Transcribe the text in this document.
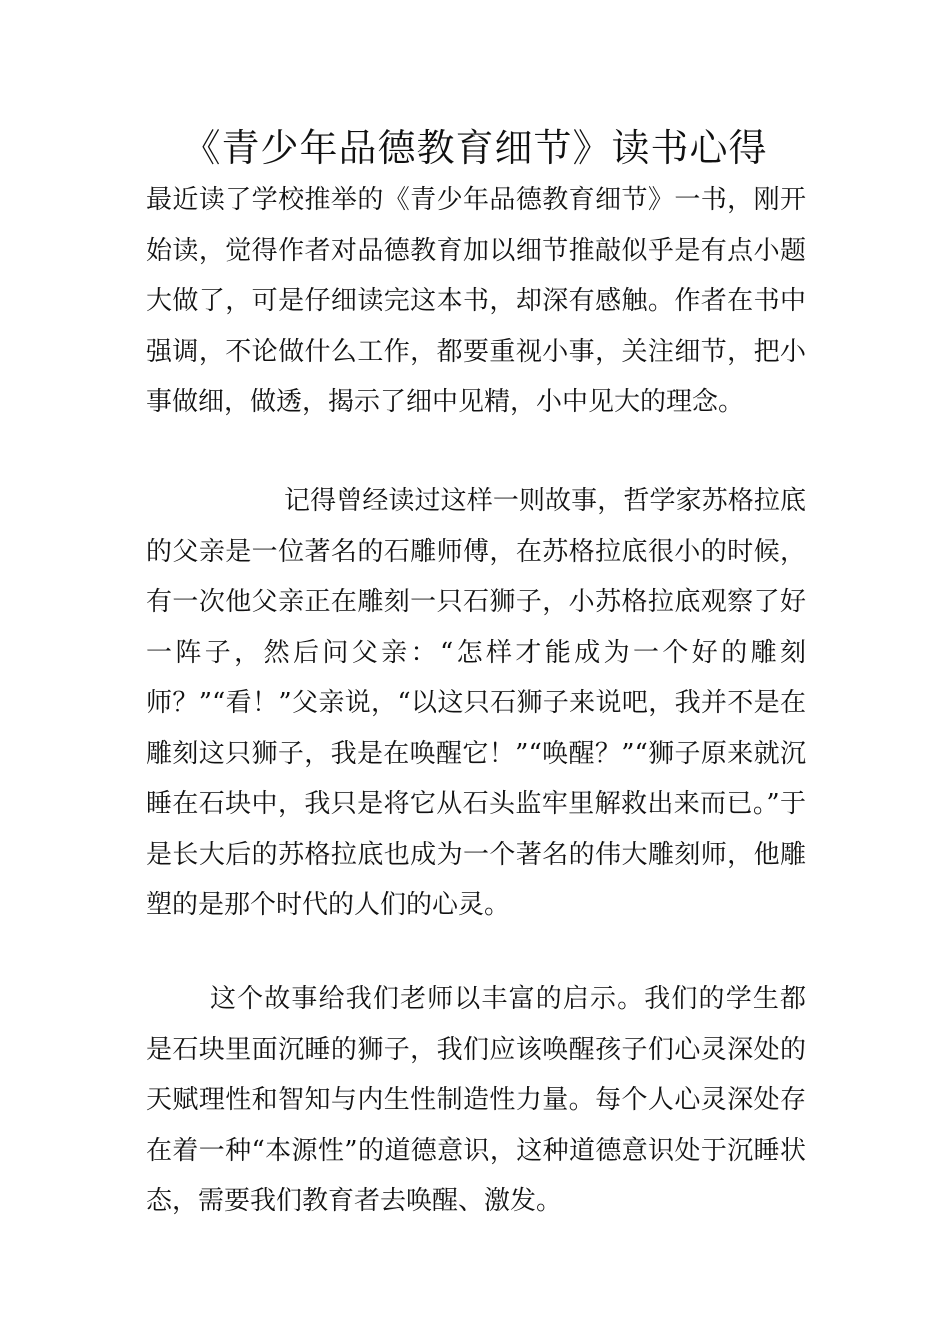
《青少年品德教育细节》读书心得

最近读了学校推举的《青少年品德教育细节》一书，刚开始读，觉得作者对品德教育加以细节推敲似乎是有点小题大做了，可是仔细读完这本书，却深有感触。作者在书中强调，不论做什么工作，都要重视小事，关注细节，把小事做细，做透，揭示了细中见精，小中见大的理念。

记得曾经读过这样一则故事，哲学家苏格拉底的父亲是一位著名的石雕师傅，在苏格拉底很小的时候，有一次他父亲正在雕刻一只石狮子，小苏格拉底观察了好一阵子，然后问父亲：“怎样才能成为一个好的雕刻师？”“看！”父亲说，“以这只石狮子来说吧，我并不是在雕刻这只狮子，我是在唤醒它！”“唤醒？”“狮子原来就沉睡在石块中，我只是将它从石头监牢里解救出来而已。”于是长大后的苏格拉底也成为一个著名的伟大雕刻师，他雕塑的是那个时代的人们的心灵。

这个故事给我们老师以丰富的启示。我们的学生都是石块里面沉睡的狮子，我们应该唤醒孩子们心灵深处的天赋理性和智知与内生性制造性力量。每个人心灵深处存在着一种“本源性”的道德意识，这种道德意识处于沉睡状态，需要我们教育者去唤醒、激发。
